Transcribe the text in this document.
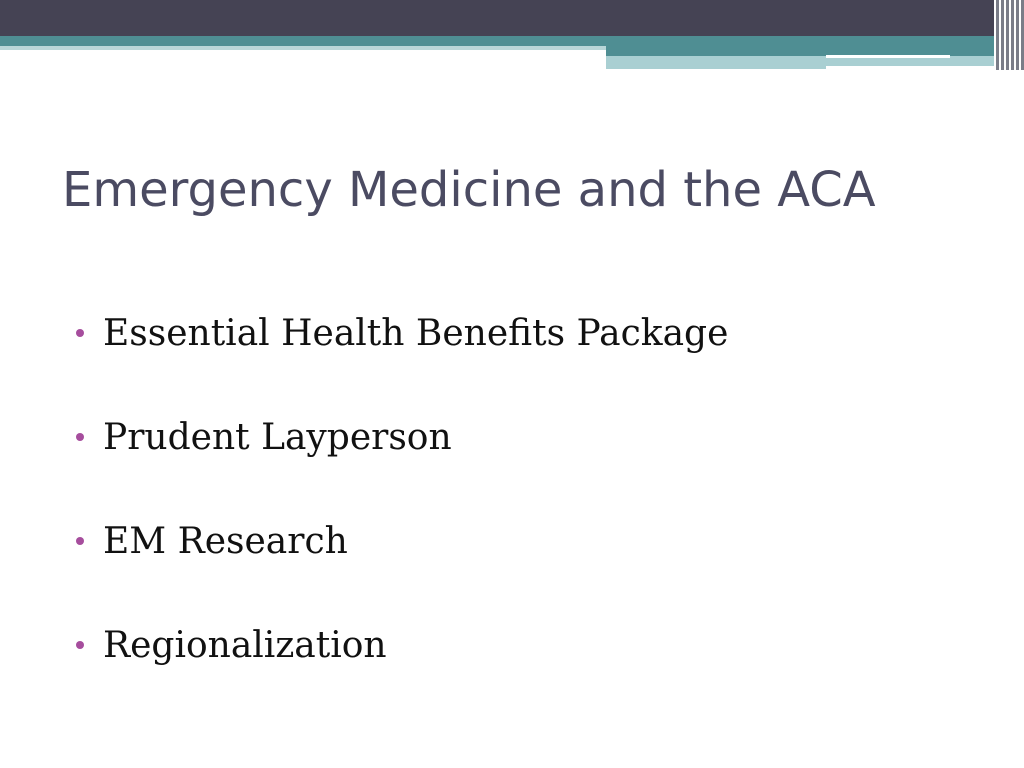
Emergency Medicine and the ACA
Essential Health Benefits Package
Prudent Layperson
EM Research
Regionalization
